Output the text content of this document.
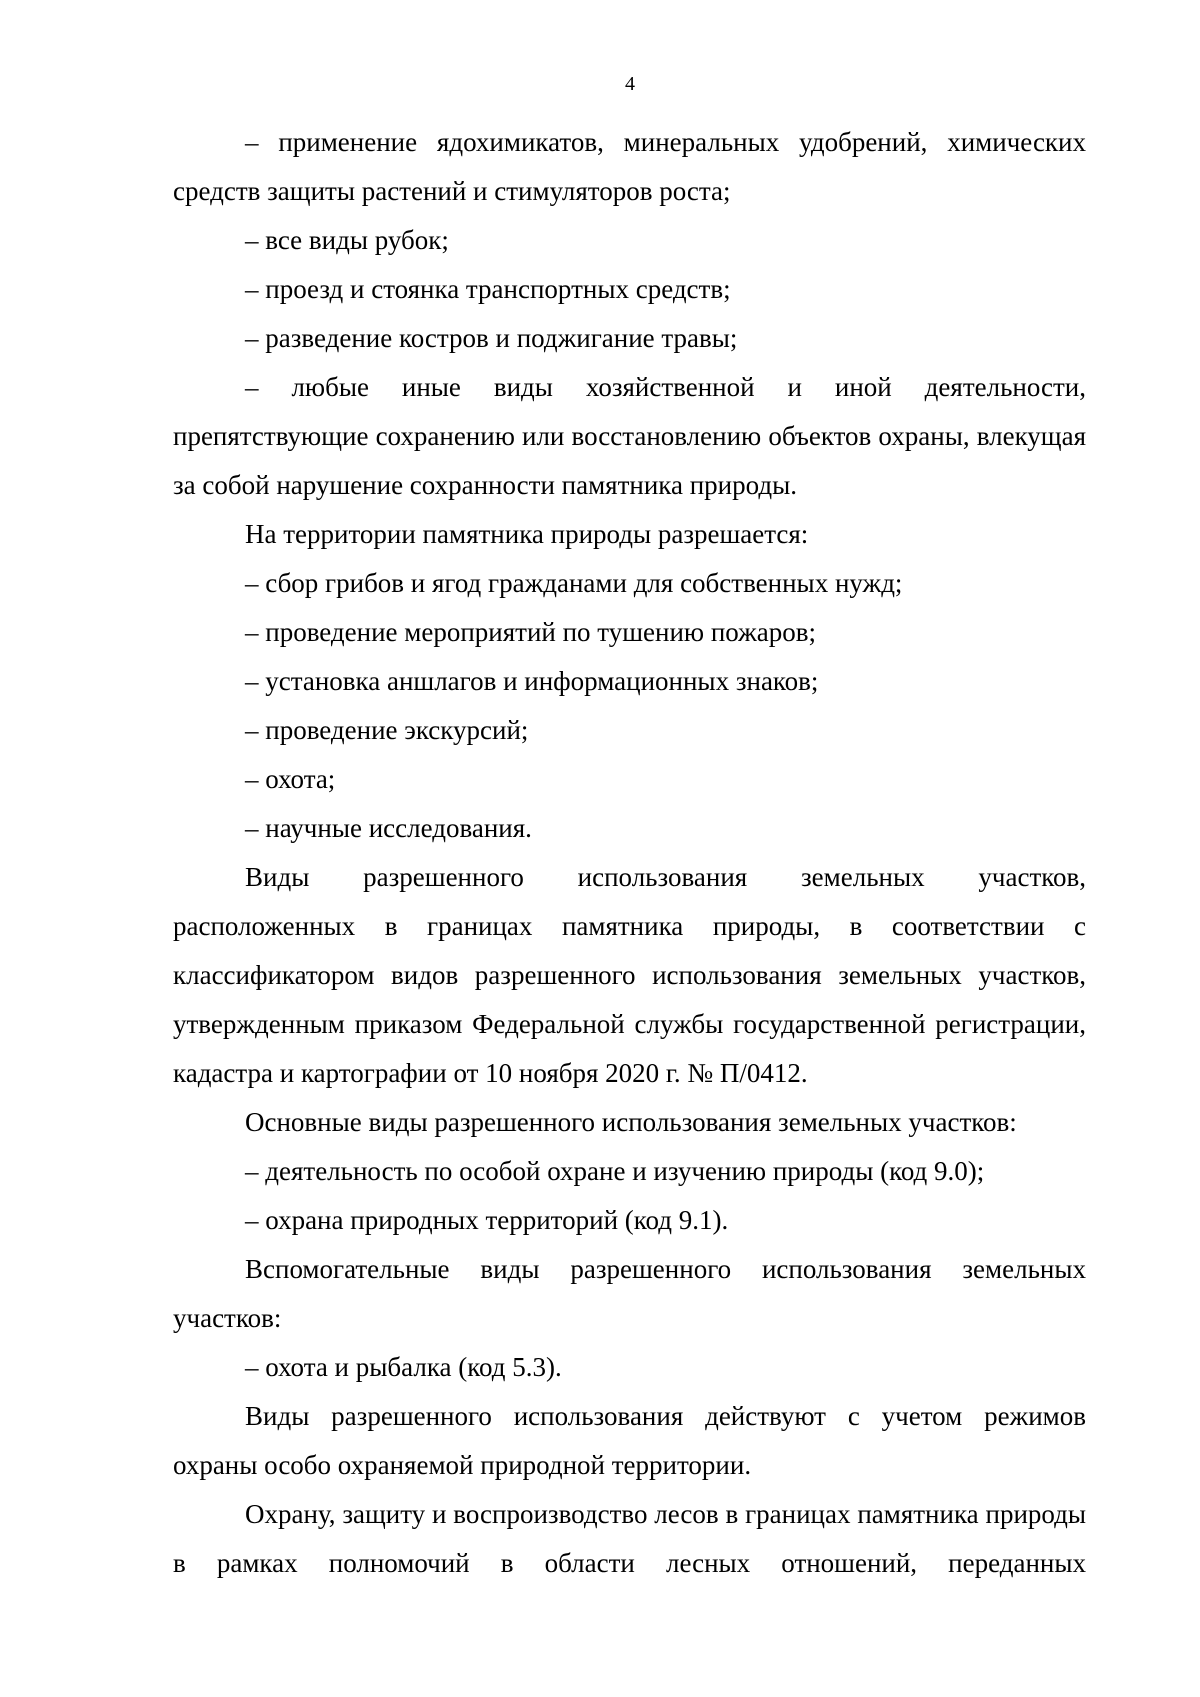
4

– применение ядохимикатов, минеральных удобрений, химических средств защиты растений и стимуляторов роста;

– все виды рубок;

– проезд и стоянка транспортных средств;

– разведение костров и поджигание травы;

– любые иные виды хозяйственной и иной деятельности, препятствующие сохранению или восстановлению объектов охраны, влекущая за собой нарушение сохранности памятника природы.

На территории памятника природы разрешается:

– сбор грибов и ягод гражданами для собственных нужд;

– проведение мероприятий по тушению пожаров;

– установка аншлагов и информационных знаков;

– проведение экскурсий;

– охота;

– научные исследования.

Виды разрешенного использования земельных участков, расположенных в границах памятника природы, в соответствии с классификатором видов разрешенного использования земельных участков, утвержденным приказом Федеральной службы государственной регистрации, кадастра и картографии от 10 ноября 2020 г. № П/0412.

Основные виды разрешенного использования земельных участков:

– деятельность по особой охране и изучению природы (код 9.0);

– охрана природных территорий (код 9.1).

Вспомогательные виды разрешенного использования земельных участков:

– охота и рыбалка (код 5.3).

Виды разрешенного использования действуют с учетом режимов охраны особо охраняемой природной территории.

Охрану, защиту и воспроизводство лесов в границах памятника природы в рамках полномочий в области лесных отношений, переданных
